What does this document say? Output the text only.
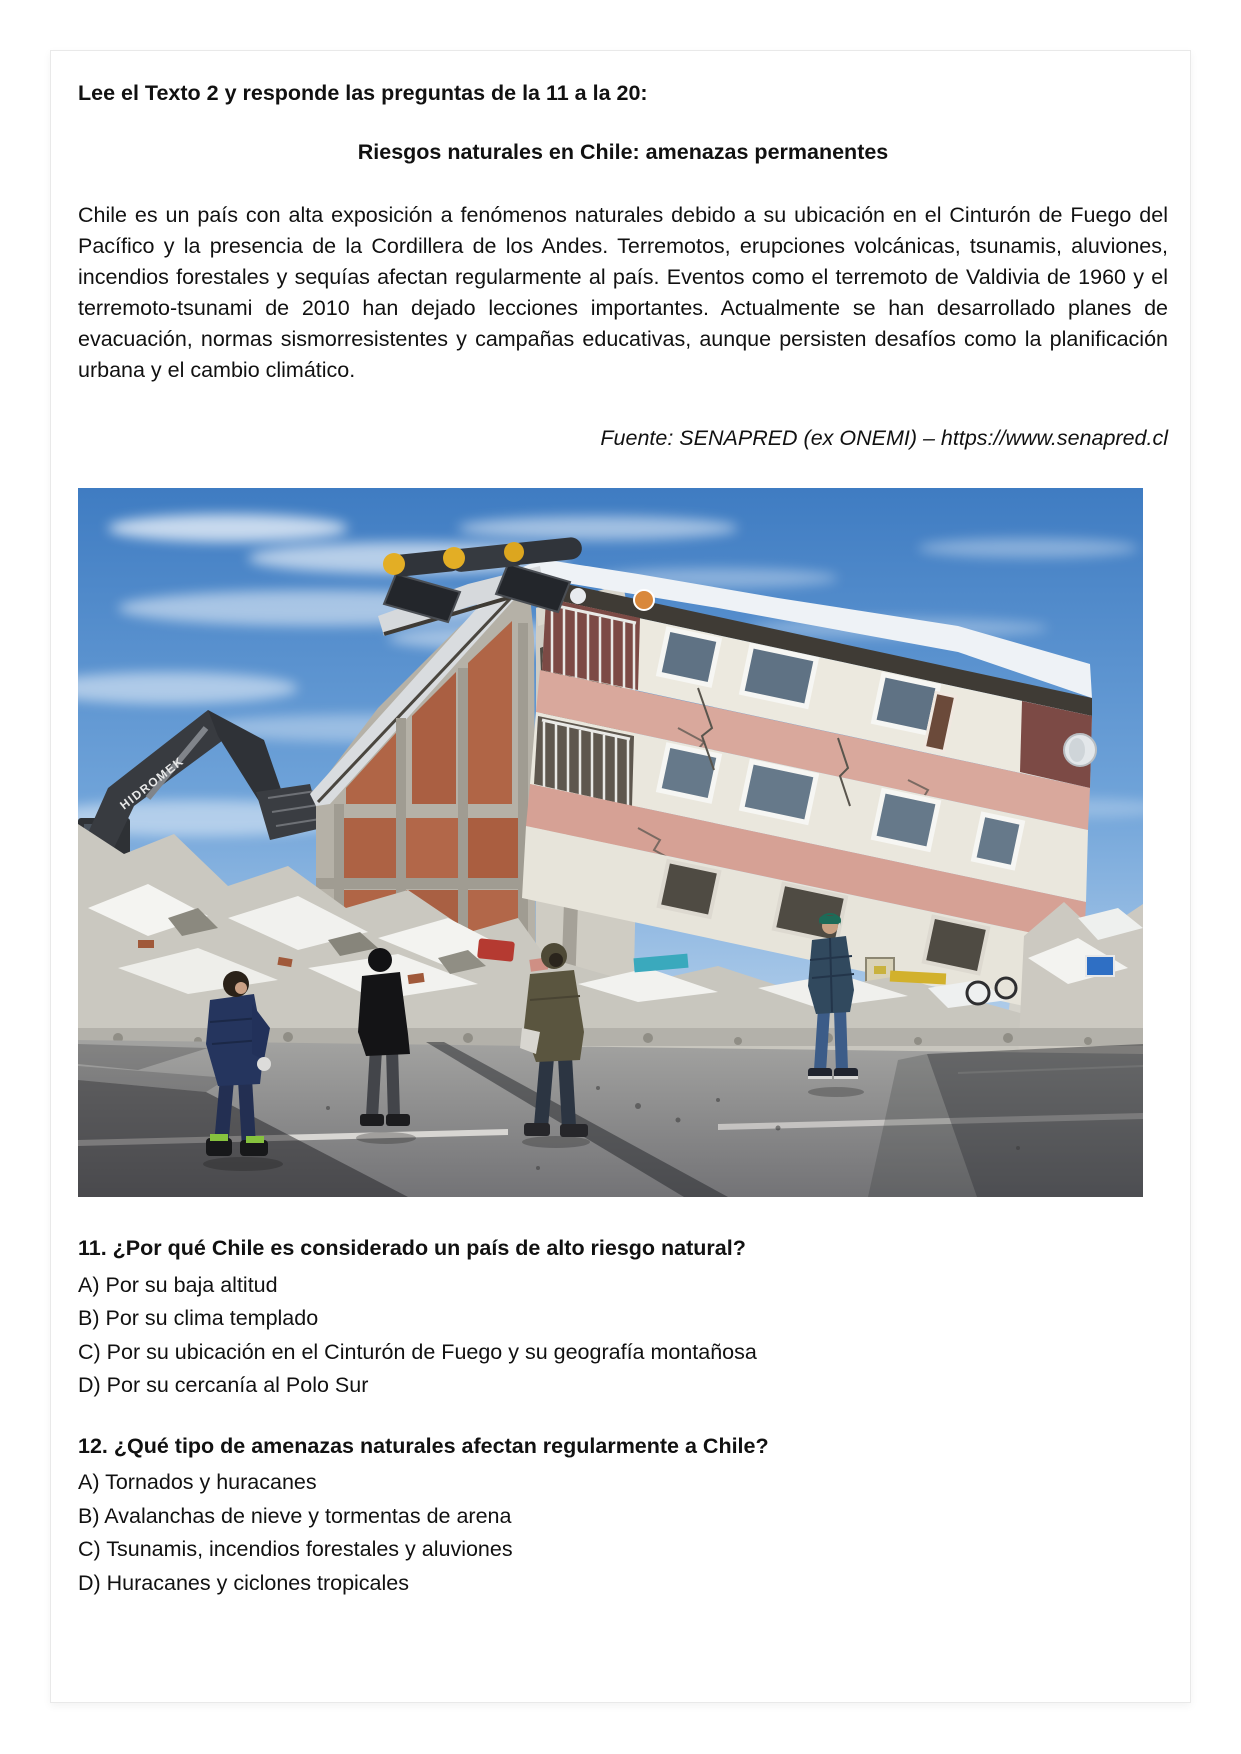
Lee el Texto 2 y responde las preguntas de la 11 a la 20:
Riesgos naturales en Chile: amenazas permanentes
Chile es un país con alta exposición a fenómenos naturales debido a su ubicación en el Cinturón de Fuego del Pacífico y la presencia de la Cordillera de los Andes. Terremotos, erupciones volcánicas, tsunamis, aluviones, incendios forestales y sequías afectan regularmente al país. Eventos como el terremoto de Valdivia de 1960 y el terremoto-tsunami de 2010 han dejado lecciones importantes. Actualmente se han desarrollado planes de evacuación, normas sismorresistentes y campañas educativas, aunque persisten desafíos como la planificación urbana y el cambio climático.
Fuente: SENAPRED (ex ONEMI) – https://www.senapred.cl
HIDROMEK
11. ¿Por qué Chile es considerado un país de alto riesgo natural?
A) Por su baja altitud
B) Por su clima templado
C) Por su ubicación en el Cinturón de Fuego y su geografía montañosa
D) Por su cercanía al Polo Sur
12. ¿Qué tipo de amenazas naturales afectan regularmente a Chile?
A) Tornados y huracanes
B) Avalanchas de nieve y tormentas de arena
C) Tsunamis, incendios forestales y aluviones
D) Huracanes y ciclones tropicales
